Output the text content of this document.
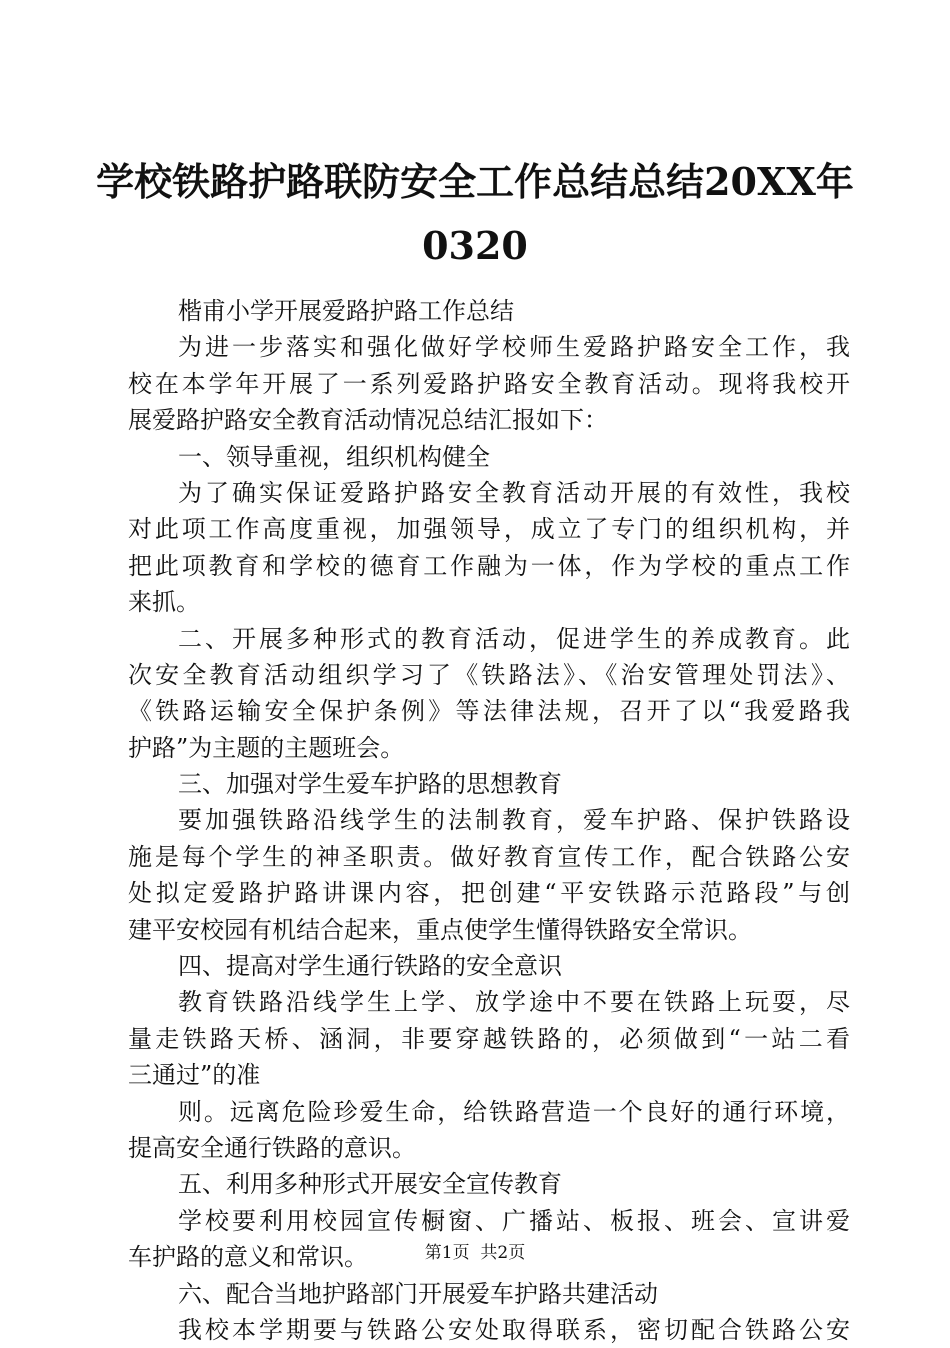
学校铁路护路联防安全工作总结总结20XX年
0320
楷甫小学开展爱路护路工作总结
为进一步落实和强化做好学校师生爱路护路安全工作，我
校在本学年开展了一系列爱路护路安全教育活动。现将我校开
展爱路护路安全教育活动情况总结汇报如下：
一、领导重视，组织机构健全
为了确实保证爱路护路安全教育活动开展的有效性，我校
对此项工作高度重视，加强领导，成立了专门的组织机构，并
把此项教育和学校的德育工作融为一体，作为学校的重点工作
来抓。
二、开展多种形式的教育活动，促进学生的养成教育。此
次安全教育活动组织学习了《铁路法》、《治安管理处罚法》、
《铁路运输安全保护条例》等法律法规，召开了以“我爱路我
护路”为主题的主题班会。
三、加强对学生爱车护路的思想教育
要加强铁路沿线学生的法制教育，爱车护路、保护铁路设
施是每个学生的神圣职责。做好教育宣传工作，配合铁路公安
处拟定爱路护路讲课内容，把创建“平安铁路示范路段”与创
建平安校园有机结合起来，重点使学生懂得铁路安全常识。
四、提高对学生通行铁路的安全意识
教育铁路沿线学生上学、放学途中不要在铁路上玩耍，尽
量走铁路天桥、涵洞，非要穿越铁路的，必须做到“一站二看
三通过”的准
则。远离危险珍爱生命，给铁路营造一个良好的通行环境，
提高安全通行铁路的意识。
五、利用多种形式开展安全宣传教育
学校要利用校园宣传橱窗、广播站、板报、班会、宣讲爱
车护路的意义和常识。
六、配合当地护路部门开展爱车护路共建活动
我校本学期要与铁路公安处取得联系，密切配合铁路公安
第1页  共2页
